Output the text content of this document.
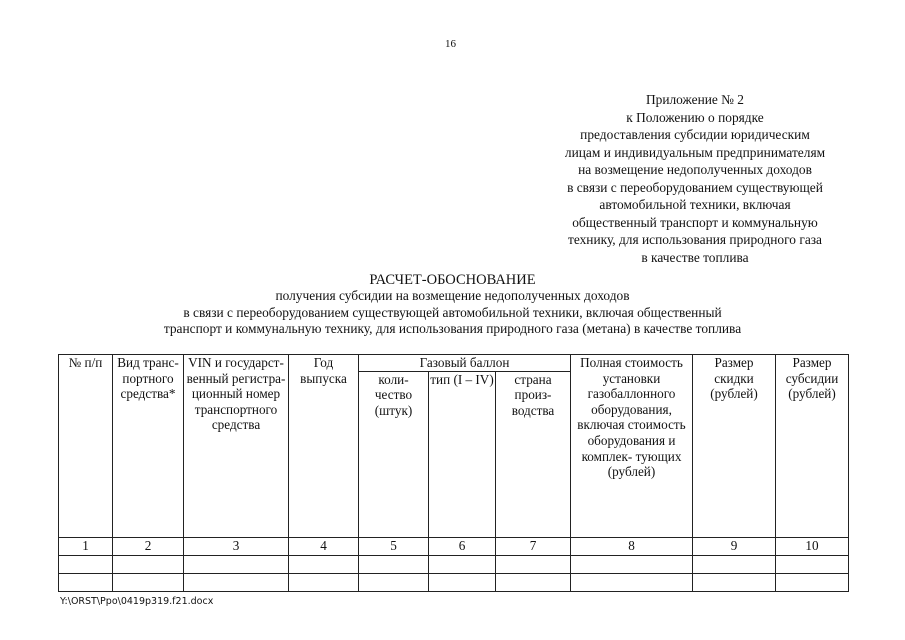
16
Приложение № 2
к Положению о порядке
предоставления субсидии юридическим
лицам и индивидуальным предпринимателям
на возмещение недополученных доходов
в связи с переоборудованием существующей
автомобильной техники, включая
общественный транспорт и коммунальную
технику, для использования природного газа
в качестве топлива
РАСЧЕТ-ОБОСНОВАНИЕ
получения субсидии на возмещение недополученных доходов
в связи с переоборудованием существующей автомобильной техники, включая общественный
транспорт и коммунальную технику, для использования природного газа (метана) в качестве топлива
№ п/п	Вид транс- портного средства*	VIN и государст- венный регистра- ционный номер транспортного средства	Год выпуска	Газовый баллон			Полная стоимость установки газобаллонного оборудования, включая стоимость оборудования и комплек- тующих (рублей)	Размер скидки (рублей)	Размер субсидии (рублей)
				коли- чество (штук)	тип (I – IV)	страна произ- водства			
1	2	3	4	5	6	7	8	9	10

Y:\ORST\Ppo\0419p319.f21.docx
